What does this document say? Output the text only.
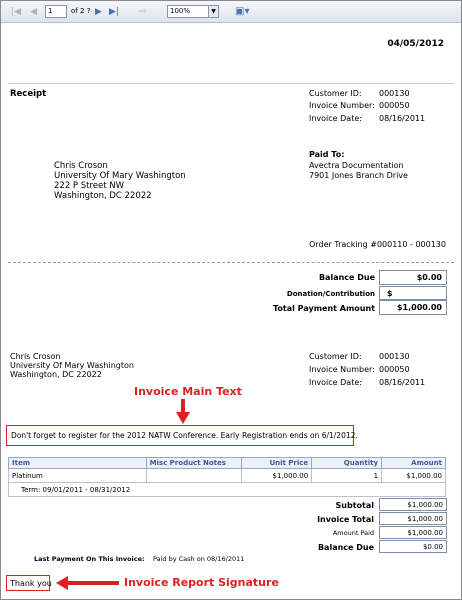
|◀ ◀	1	of 2 ? ▶ ▶| ⇨	100%	▼ ▣▾
04/05/2012
Receipt	Customer ID: 000130
Invoice Number: 000050
Invoice Date: 08/16/2011
Paid To:
Avectra Documentation
7901 Jones Branch Drive
Chris Croson
University Of Mary Washington
222 P Street NW
Washington, DC 22022
Order Tracking #000110 - 000130
Balance Due	$0.00
Donation/Contribution $
Total Payment Amount	$1,000.00
Chris Croson
University Of Mary Washington
Washington, DC 22022
Customer ID: 000130
Invoice Number: 000050
Invoice Date: 08/16/2011
Invoice Main Text
Don't forget to register for the 2012 NATW Conference. Early Registration ends on 6/1/2012.
Item	Misc Product Notes	Unit Price	Quantity	Amount
Platinum		$1,000.00	1	$1,000.00
Term: 09/01/2011 - 08/31/2012				
Subtotal	$1,000.00
Invoice Total	$1,000.00
Amount Paid	$1,000.00
Balance Due	$0.00
Last Payment On This Invoice: Paid by Cash on 08/16/2011
Thank you	Invoice Report Signature
